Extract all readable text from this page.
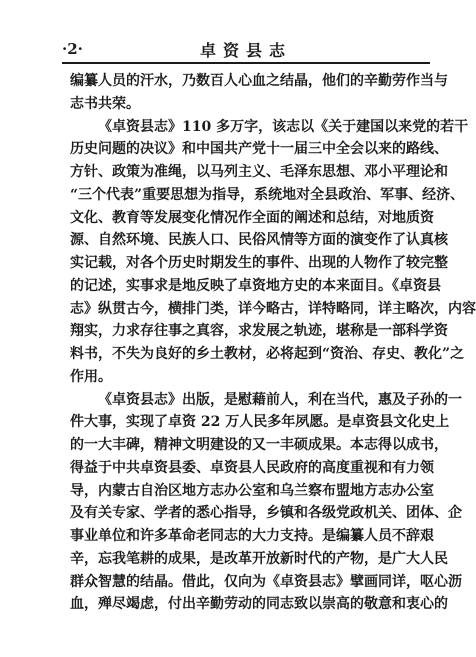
·2·	卓资县志
编纂人员的汗水，乃数百人心血之结晶，他们的辛勤劳作当与
志书共荣。
《卓资县志》110 多万字，该志以《关于建国以来党的若干
历史问题的决议》和中国共产党十一届三中全会以来的路线、
方针、政策为准绳，以马列主义、毛泽东思想、邓小平理论和
“三个代表”重要思想为指导，系统地对全县政治、军事、经济、
文化、教育等发展变化情况作全面的阐述和总结，对地质资
源、自然环境、民族人口、民俗风情等方面的演变作了认真核
实记载，对各个历史时期发生的事件、出现的人物作了较完整
的记述，实事求是地反映了卓资地方史的本来面目。《卓资县
志》纵贯古今，横排门类，详今略古，详特略同，详主略次，内容
翔实，力求存往事之真容，求发展之轨迹，堪称是一部科学资
料书，不失为良好的乡土教材，必将起到“资治、存史、教化”之
作用。
《卓资县志》出版，是慰藉前人，利在当代，惠及子孙的一
件大事，实现了卓资 22 万人民多年夙愿。是卓资县文化史上
的一大丰碑，精神文明建设的又一丰硕成果。本志得以成书，
得益于中共卓资县委、卓资县人民政府的高度重视和有力领
导，内蒙古自治区地方志办公室和乌兰察布盟地方志办公室
及有关专家、学者的悉心指导，乡镇和各级党政机关、团体、企
事业单位和许多革命老同志的大力支持。是编纂人员不辞艰
辛，忘我笔耕的成果，是改革开放新时代的产物，是广大人民
群众智慧的结晶。借此，仅向为《卓资县志》擘画同详，呕心沥
血，殚尽竭虑，付出辛勤劳动的同志致以崇高的敬意和衷心的
